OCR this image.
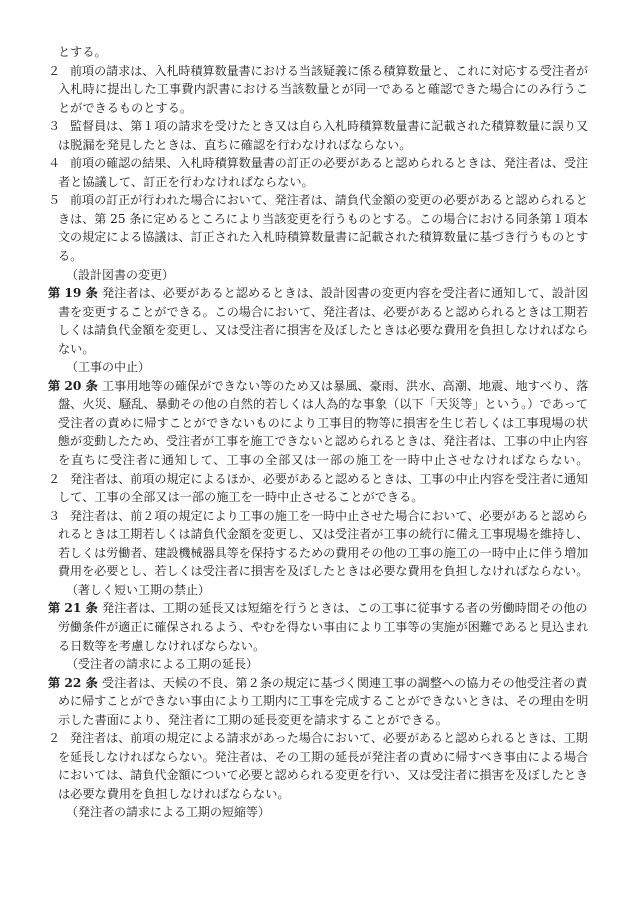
とする。
２ 前項の請求は、入札時積算数量書における当該疑義に係る積算数量と、これに対応する受注者が
入札時に提出した工事費内訳書における当該数量とが同一であると確認できた場合にのみ行うこ
とができるものとする。
３ 監督員は、第１項の請求を受けたとき又は自ら入札時積算数量書に記載された積算数量に誤り又
は脱漏を発見したときは、直ちに確認を行わなければならない。
４ 前項の確認の結果、入札時積算数量書の訂正の必要があると認められるときは、発注者は、受注
者と協議して、訂正を行わなければならない。
５ 前項の訂正が行われた場合において、発注者は、請負代金額の変更の必要があると認められると
きは、第 25 条に定めるところにより当該変更を行うものとする。この場合における同条第１項本
文の規定による協議は、訂正された入札時積算数量書に記載された積算数量に基づき行うものとす
る。
（設計図書の変更）
第 19 条 発注者は、必要があると認めるときは、設計図書の変更内容を受注者に通知して、設計図
書を変更することができる。この場合において、発注者は、必要があると認められるときは工期若
しくは請負代金額を変更し、又は受注者に損害を及ぼしたときは必要な費用を負担しなければなら
ない。
（工事の中止）
第 20 条 工事用地等の確保ができない等のため又は暴風、豪雨、洪水、高潮、地震、地すべり、落
盤、火災、騒乱、暴動その他の自然的若しくは人為的な事象（以下「天災等」という。）であって
受注者の責めに帰すことができないものにより工事目的物等に損害を生じ若しくは工事現場の状
態が変動したため、受注者が工事を施工できないと認められるときは、発注者は、工事の中止内容
を直ちに受注者に通知して、工事の全部又は一部の施工を一時中止させなければならない。
２ 発注者は、前項の規定によるほか、必要があると認めるときは、工事の中止内容を受注者に通知
して、工事の全部又は一部の施工を一時中止させることができる。
３ 発注者は、前２項の規定により工事の施工を一時中止させた場合において、必要があると認めら
れるときは工期若しくは請負代金額を変更し、又は受注者が工事の続行に備え工事現場を維持し、
若しくは労働者、建設機械器具等を保持するための費用その他の工事の施工の一時中止に伴う増加
費用を必要とし、若しくは受注者に損害を及ぼしたときは必要な費用を負担しなければならない。
（著しく短い工期の禁止）
第 21 条 発注者は、工期の延長又は短縮を行うときは、この工事に従事する者の労働時間その他の
労働条件が適正に確保されるよう、やむを得ない事由により工事等の実施が困難であると見込まれ
る日数等を考慮しなければならない。
（受注者の請求による工期の延長）
第 22 条 受注者は、天候の不良、第２条の規定に基づく関連工事の調整への協力その他受注者の責
めに帰すことができない事由により工期内に工事を完成することができないときは、その理由を明
示した書面により、発注者に工期の延長変更を請求することができる。
２ 発注者は、前項の規定による請求があった場合において、必要があると認められるときは、工期
を延長しなければならない。発注者は、その工期の延長が発注者の責めに帰すべき事由による場合
においては、請負代金額について必要と認められる変更を行い、又は受注者に損害を及ぼしたとき
は必要な費用を負担しなければならない。
（発注者の請求による工期の短縮等）
